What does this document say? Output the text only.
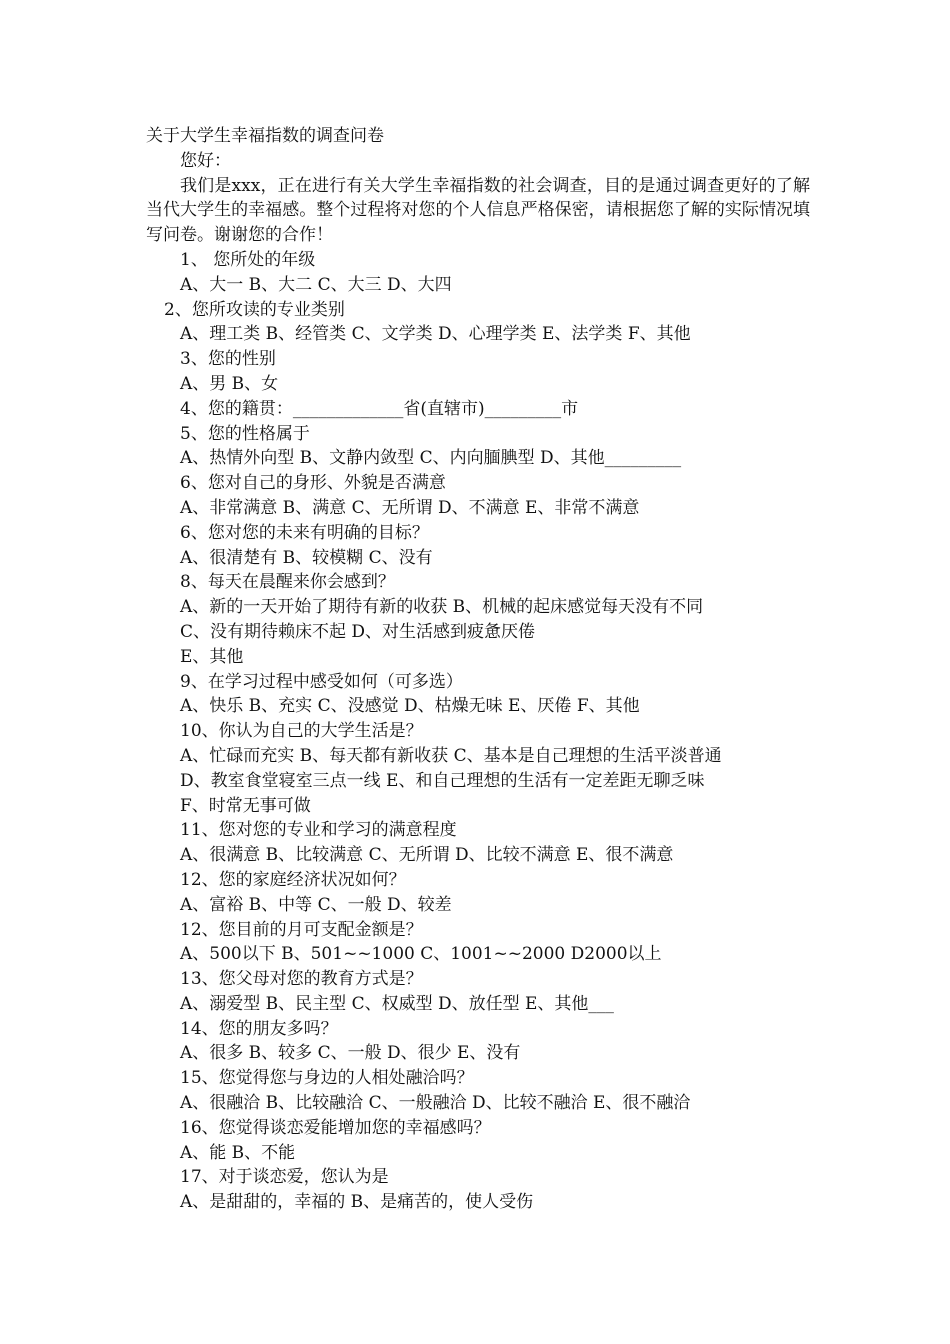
关于大学生幸福指数的调查问卷
您好：
我们是xxx，正在进行有关大学生幸福指数的社会调查，目的是通过调查更好的了解当代大学生的幸福感。整个过程将对您的个人信息严格保密，请根据您了解的实际情况填写问卷。谢谢您的合作！
1、 您所处的年级
A、大一 B、大二 C、大三 D、大四
2、您所攻读的专业类别
A、理工类 B、经管类 C、文学类 D、心理学类 E、法学类 F、其他
3、您的性别
A、男 B、女
4、您的籍贯：_____________省(直辖市)_________市
5、您的性格属于
A、热情外向型 B、文静内敛型 C、内向腼腆型 D、其他_________
6、您对自己的身形、外貌是否满意
A、非常满意 B、满意 C、无所谓 D、不满意 E、非常不满意
6、您对您的未来有明确的目标？
A、很清楚有 B、较模糊 C、没有
8、每天在晨醒来你会感到？
A、新的一天开始了期待有新的收获 B、机械的起床感觉每天没有不同
C、没有期待赖床不起 D、对生活感到疲惫厌倦
E、其他
9、在学习过程中感受如何（可多选）
A、快乐 B、充实 C、没感觉 D、枯燥无味 E、厌倦 F、其他
10、你认为自己的大学生活是？
A、忙碌而充实 B、每天都有新收获 C、基本是自己理想的生活平淡普通
D、教室食堂寝室三点一线 E、和自己理想的生活有一定差距无聊乏味
F、时常无事可做
11、您对您的专业和学习的满意程度
A、很满意 B、比较满意 C、无所谓 D、比较不满意 E、很不满意
12、您的家庭经济状况如何？
A、富裕 B、中等 C、一般 D、较差
12、您目前的月可支配金额是？
A、500以下 B、501~~1000 C、1001~~2000 D2000以上
13、您父母对您的教育方式是？
A、溺爱型 B、民主型 C、权威型 D、放任型 E、其他___
14、您的朋友多吗？
A、很多 B、较多 C、一般 D、很少 E、没有
15、您觉得您与身边的人相处融洽吗？
A、很融洽 B、比较融洽 C、一般融洽 D、比较不融洽 E、很不融洽
16、您觉得谈恋爱能增加您的幸福感吗？
A、能 B、不能
17、对于谈恋爱，您认为是
A、是甜甜的，幸福的 B、是痛苦的，使人受伤
